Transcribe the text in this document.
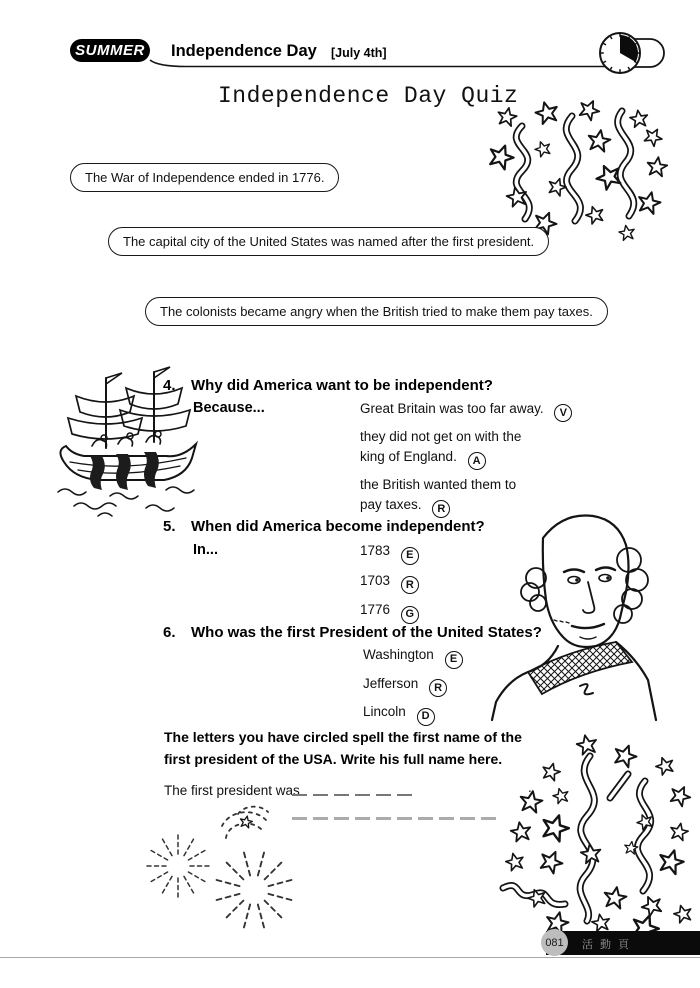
SUMMER	Independence Day [July 4th]
Independence Day Quiz
The War of Independence ended in 1776.
The capital city of the United States was named after the first president.
The colonists became angry when the British tried to make them pay taxes.
4.	Why did America want to be independent?
Because...	Great Britain was too far away. V
they did not get on with the
king of England. A
the British wanted them to
pay taxes. R
5.	When did America become independent?
In...	1783 E
1703 R
1776 G
6.	Who was the first President of the United States?
Washington E
Jefferson R
Lincoln D
The letters you have circled spell the first name of the
first president of the USA. Write his full name here.
The first president was	.
081	活動頁
